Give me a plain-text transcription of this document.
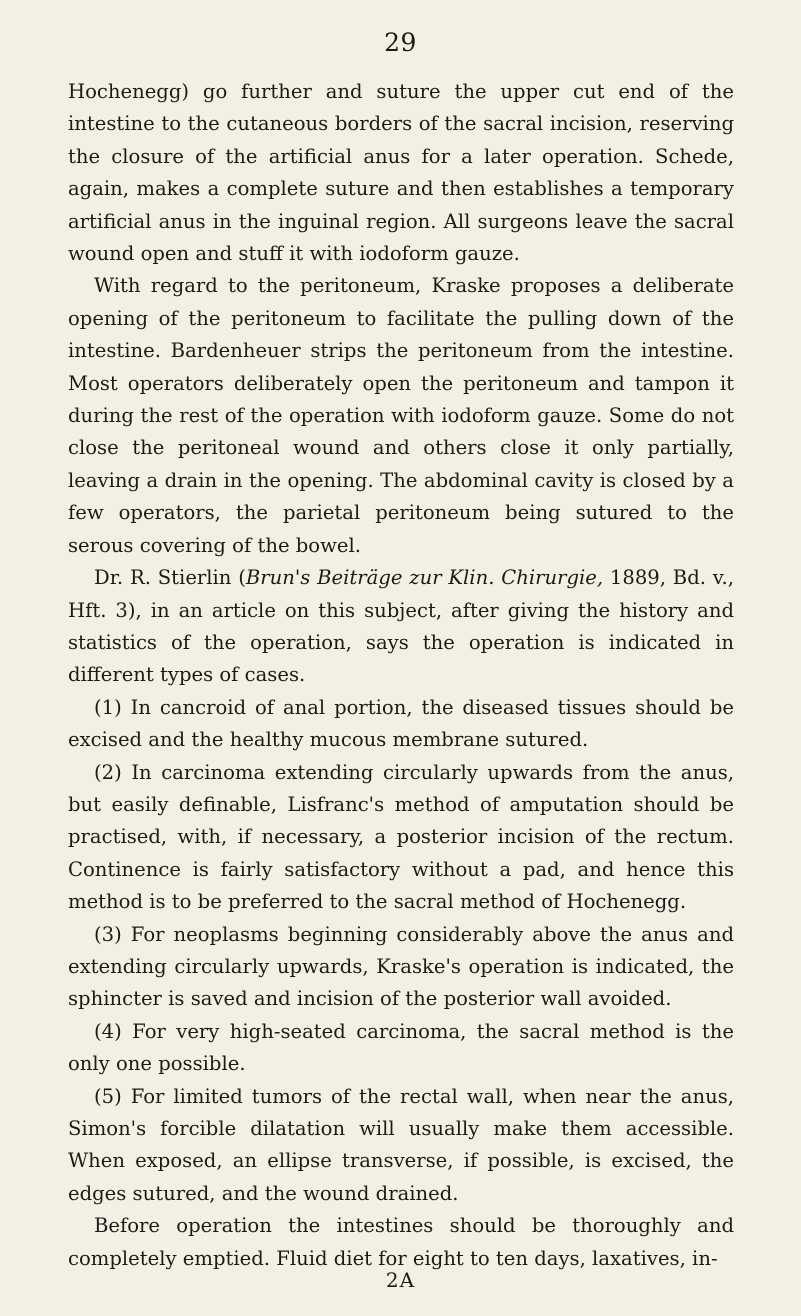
29

Hochenegg) go further and suture the upper cut end of the intestine to the cutaneous borders of the sacral incision, reserving the closure of the artificial anus for a later operation. Schede, again, makes a complete suture and then establishes a temporary artificial anus in the inguinal region. All surgeons leave the sacral wound open and stuff it with iodoform gauze.

With regard to the peritoneum, Kraske proposes a deliberate opening of the peritoneum to facilitate the pulling down of the intestine. Bardenheuer strips the peritoneum from the intestine. Most operators deliberately open the peritoneum and tampon it during the rest of the operation with iodoform gauze. Some do not close the peritoneal wound and others close it only partially, leaving a drain in the opening. The abdominal cavity is closed by a few operators, the parietal peritoneum being sutured to the serous covering of the bowel.

Dr. R. Stierlin (Brun's Beiträge zur Klin. Chirurgie, 1889, Bd. v., Hft. 3), in an article on this subject, after giving the history and statistics of the operation, says the operation is indicated in different types of cases.

(1) In cancroid of anal portion, the diseased tissues should be excised and the healthy mucous membrane sutured.

(2) In carcinoma extending circularly upwards from the anus, but easily definable, Lisfranc's method of amputation should be practised, with, if necessary, a posterior incision of the rectum. Continence is fairly satisfactory without a pad, and hence this method is to be preferred to the sacral method of Hochenegg.

(3) For neoplasms beginning considerably above the anus and extending circularly upwards, Kraske's operation is indicated, the sphincter is saved and incision of the posterior wall avoided.

(4) For very high-seated carcinoma, the sacral method is the only one possible.

(5) For limited tumors of the rectal wall, when near the anus, Simon's forcible dilatation will usually make them accessible. When exposed, an ellipse transverse, if possible, is excised, the edges sutured, and the wound drained.

Before operation the intestines should be thoroughly and completely emptied. Fluid diet for eight to ten days, laxatives, in-

2A
